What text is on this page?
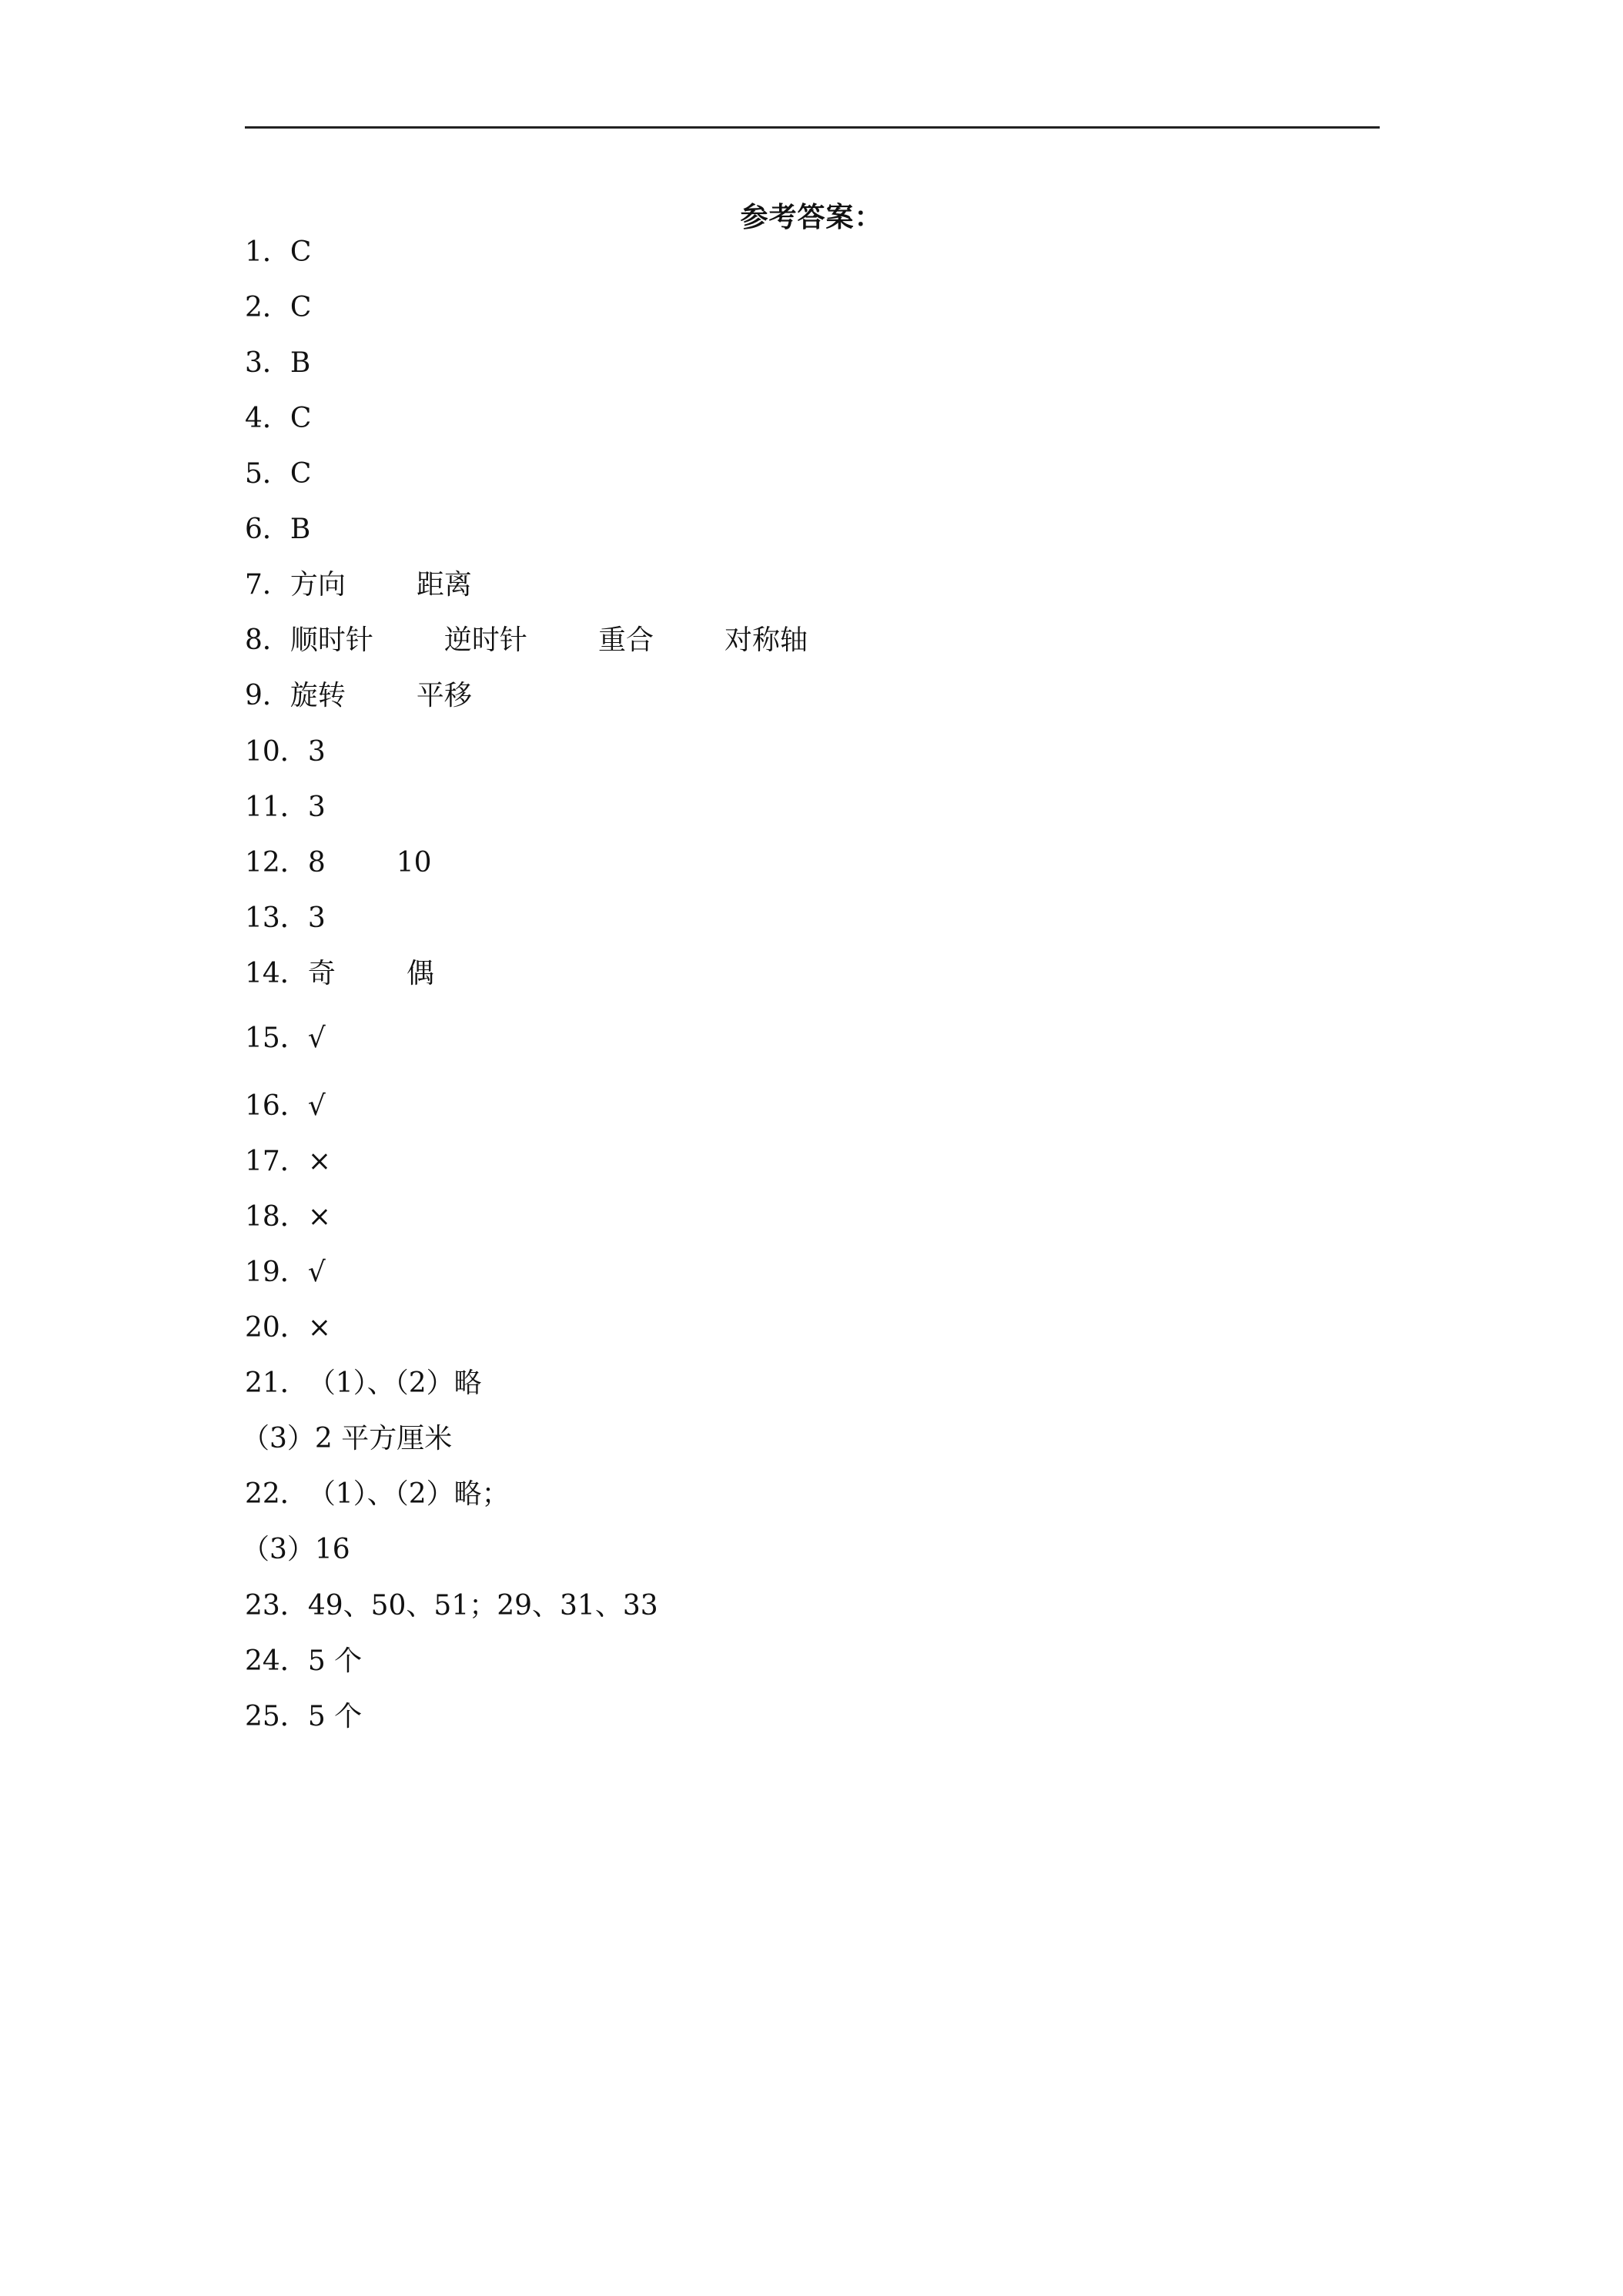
参考答案：
1．C
2．C
3．B
4．C
5．C
6．B
7．方向	距离
8．顺时针	逆时针	重合	对称轴
9．旋转	平移
10．3
11．3
12．8	10
13．3
14．奇	偶
15．√
16．√
17．×
18．×
19．√
20．×
21．（1）、（2）略
（3）2 平方厘米
22．（1）、（2）略；
（3）16
23．49、50、51；29、31、33
24．5 个
25．5 个
